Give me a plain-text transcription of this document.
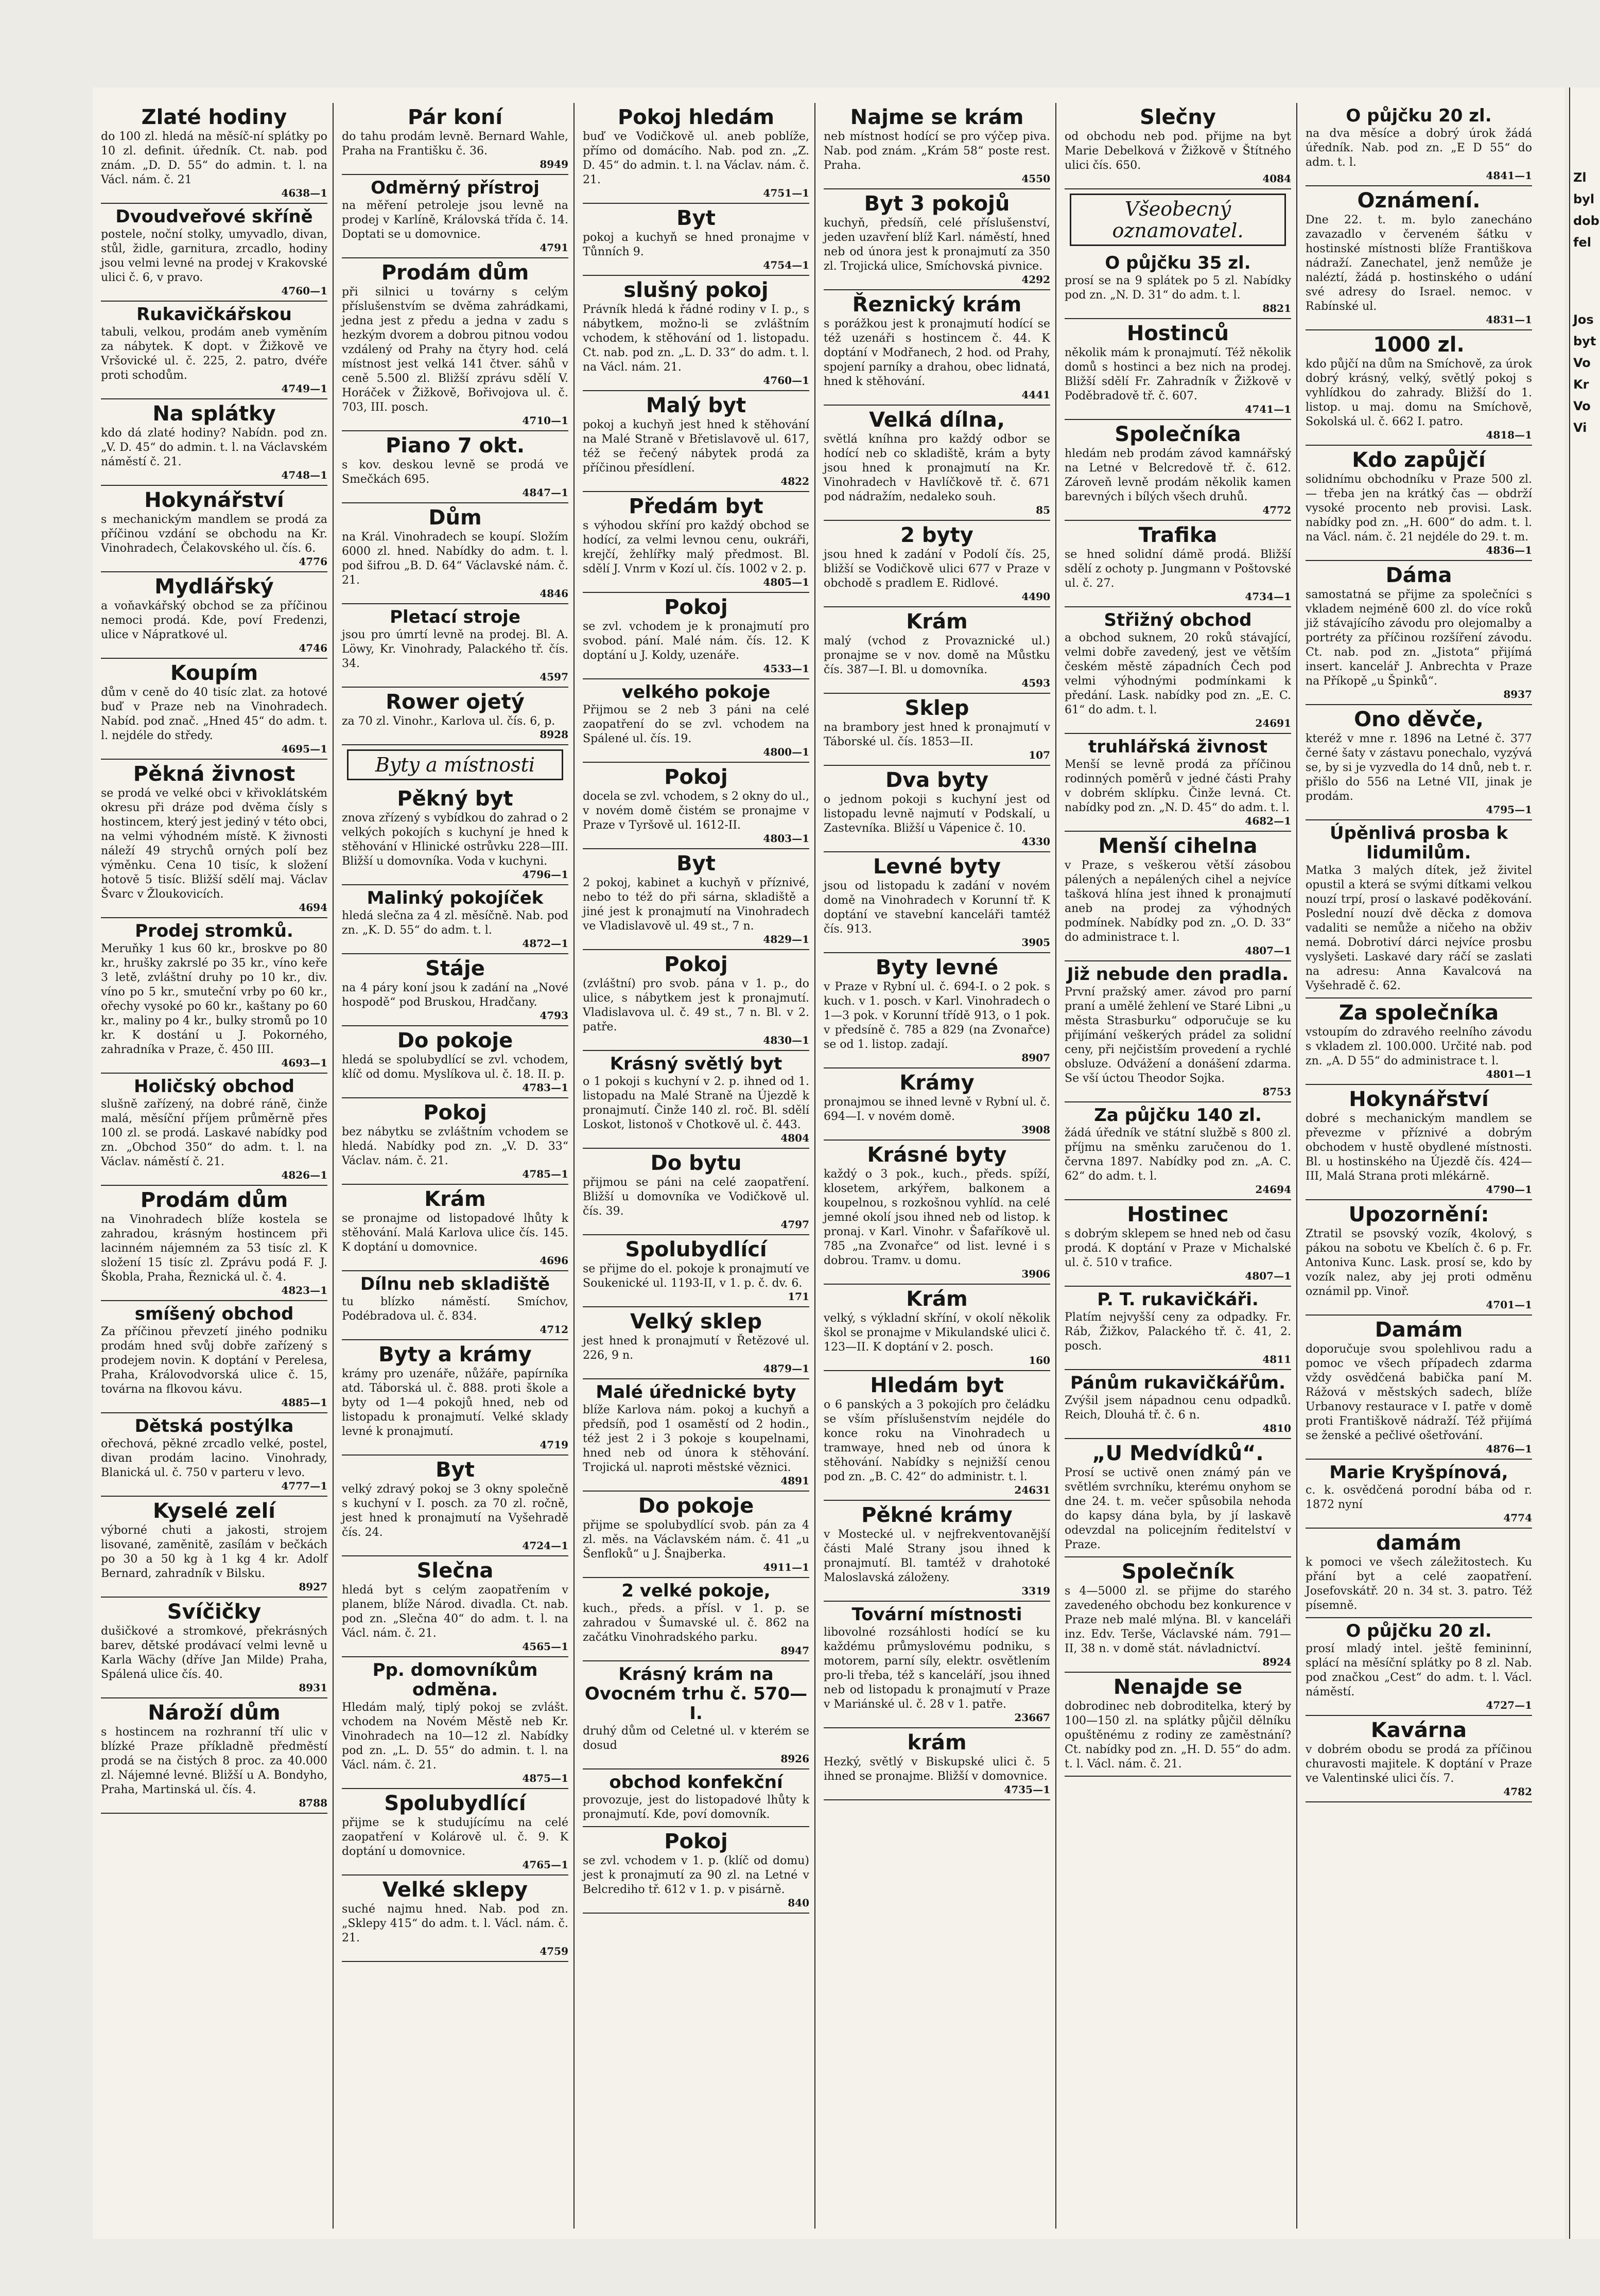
Zlaté hodiny
do 100 zl. hledá na měsíč-ní splátky po 10 zl. definit. úředník. Ct. nab. pod znám. „D. D. 55“ do admin. t. l. na Václ. nám. č. 21
4638—1
Dvoudveřové skříně
postele, noční stolky, umyvadlo, divan, stůl, židle, garnitura, zrcadlo, hodiny jsou velmi levné na prodej v Krakovské ulici č. 6, v pravo.
4760—1
Rukavičkářskou
tabuli, velkou, prodám aneb vyměním za nábytek. K dopt. v Žižkově ve Vršovické ul. č. 225, 2. patro, dvéře proti schodům.
4749—1
Na splátky
kdo dá zlaté hodiny? Nabídn. pod zn. „V. D. 45“ do admin. t. l. na Václavském náměstí č. 21.
4748—1
Hokynářství
s mechanickým mandlem se prodá za příčinou vzdání se obchodu na Kr. Vinohradech, Čelakovského ul. čís. 6.
4776
Mydlářský
a voňavkářský obchod se za příčinou nemoci prodá. Kde, poví Fredenzi, ulice v Nápratkové ul.
4746
Koupím
dům v ceně do 40 tisíc zlat. za hotové buď v Praze neb na Vinohradech. Nabíd. pod znač. „Hned 45“ do adm. t. l. nejdéle do středy.
4695—1
Pěkná živnost
se prodá ve velké obci v křivoklátském okresu při dráze pod dvěma čísly s hostincem, který jest jediný v této obci, na velmi výhodném místě. K živnosti náleží 49 strychů orných polí bez výměnku. Cena 10 tisíc, k složení hotově 5 tisíc. Bližší sdělí maj. Václav Švarc v Žloukovicích.
4694
Prodej stromků.
Meruňky 1 kus 60 kr., broskve po 80 kr., hrušky zakrslé po 35 kr., víno keře 3 letě, zvláštní druhy po 10 kr., div. víno po 5 kr., smuteční vrby po 60 kr., ořechy vysoké po 60 kr., kaštany po 60 kr., maliny po 4 kr., bulky stromů po 10 kr. K dostání u J. Pokorného, zahradníka v Praze, č. 450 III.
4693—1
Holičský obchod
slušně zařízený, na dobré ráně, činže malá, měsíční příjem průměrně přes 100 zl. se prodá. Laskavé nabídky pod zn. „Obchod 350“ do adm. t. l. na Václav. náměstí č. 21.
4826—1
Prodám dům
na Vinohradech blíže kostela se zahradou, krásným hostincem při lacinném nájemném za 53 tisíc zl. K složení 15 tisíc zl. Zprávu podá F. J. Škobla, Praha, Řeznická ul. č. 4.
4823—1
smíšený obchod
Za příčinou převzetí jiného podniku prodám hned svůj dobře zařízený s prodejem novin. K doptání v Perelesa, Praha, Královodvorská ulice č. 15, továrna na flkovou kávu.
4885—1
Dětská postýlka
ořechová, pěkné zrcadlo velké, postel, divan prodám lacino. Vinohrady, Blanická ul. č. 750 v parteru v levo.
4777—1
Kyselé zelí
výborné chuti a jakosti, strojem lisované, zaměnitě, zasílám v bečkách po 30 a 50 kg à 1 kg 4 kr. Adolf Bernard, zahradník v Bilsku.
8927
Svíčičky
dušičkové a stromkové, překrásných barev, dětské prodávací velmi levně u Karla Wächy (dříve Jan Milde) Praha, Spálená ulice čís. 40.
8931
Nároží dům
s hostincem na rozhranní tří ulic v blízké Praze příkladně předměstí prodá se na čistých 8 proc. za 40.000 zl. Nájemné levné. Bližší u A. Bondyho, Praha, Martinská ul. čís. 4.
8788
Pár koní
do tahu prodám levně. Bernard Wahle, Praha na Františku č. 36.
8949
Odměrný přístroj
na měření petroleje jsou levně na prodej v Karlíně, Královská třída č. 14. Doptati se u domovnice.
4791
Prodám dům
při silnici u továrny s celým příslušenstvím se dvěma zahrádkami, jedna jest z předu a jedna v zadu s hezkým dvorem a dobrou pitnou vodou vzdálený od Prahy na čtyry hod. celá místnost jest velká 141 čtver. sáhů v ceně 5.500 zl. Bližší zprávu sdělí V. Horáček v Žižkově, Bořivojova ul. č. 703, III. posch.
4710—1
Piano 7 okt.
s kov. deskou levně se prodá ve Smečkách 695.
4847—1
Dům
na Král. Vinohradech se koupí. Složím 6000 zl. hned. Nabídky do adm. t. l. pod šifrou „B. D. 64“ Václavské nám. č. 21.
4846
Pletací stroje
jsou pro úmrtí levně na prodej. Bl. A. Löwy, Kr. Vinohrady, Palackého tř. čís. 34.
4597
Rower ojetý
za 70 zl. Vinohr., Karlova ul. čís. 6, p.
8928
Byty a místnosti
Pěkný byt
znova zřízený s vybídkou do zahrad o 2 velkých pokojích s kuchyní je hned k stěhování v Hlinické ostrůvku 228—III. Bližší u domovníka. Voda v kuchyni.
4796—1
Malinký pokojíček
hledá slečna za 4 zl. měsíčně. Nab. pod zn. „K. D. 55“ do adm. t. l.
4872—1
Stáje
na 4 páry koní jsou k zadání na „Nové hospodě“ pod Bruskou, Hradčany.
4793
Do pokoje
hledá se spolubydlící se zvl. vchodem, klíč od domu. Myslíkova ul. č. 18. II. p.
4783—1
Pokoj
bez nábytku se zvláštním vchodem se hledá. Nabídky pod zn. „V. D. 33“ Václav. nám. č. 21.
4785—1
Krám
se pronajme od listopadové lhůty k stěhování. Malá Karlova ulice čís. 145. K doptání u domovnice.
4696
Dílnu neb skladiště
tu blízko náměstí. Smíchov, Podébradova ul. č. 834.
4712
Byty a krámy
krámy pro uzenáře, nůžáře, papírníka atd. Táborská ul. č. 888. proti škole a byty od 1—4 pokojů hned, neb od listopadu k pronajmutí. Velké sklady levné k pronajmutí.
4719
Byt
velký zdravý pokoj se 3 okny společně s kuchyní v I. posch. za 70 zl. ročně, jest hned k pronajmutí na Vyšehradě čís. 24.
4724—1
Slečna
hledá byt s celým zaopatřením v planem, blíže Národ. divadla. Ct. nab. pod zn. „Slečna 40“ do adm. t. l. na Václ. nám. č. 21.
4565—1
Pp. domovníkům odměna.
Hledám malý, tiplý pokoj se zvlášt. vchodem na Novém Městě neb Kr. Vinohradech na 10—12 zl. Nabídky pod zn. „L. D. 55“ do admin. t. l. na Václ. nám. č. 21.
4875—1
Spolubydlící
přijme se k studujícímu na celé zaopatření v Kolárově ul. č. 9. K doptání u domovnice.
4765—1
Velké sklepy
suché najmu hned. Nab. pod zn. „Sklepy 415“ do adm. t. l. Václ. nám. č. 21.
4759
Pokoj hledám
buď ve Vodičkově ul. aneb poblíže, přímo od domácího. Nab. pod zn. „Z. D. 45“ do admin. t. l. na Václav. nám. č. 21.
4751—1
Byt
pokoj a kuchyň se hned pronajme v Tůnních 9.
4754—1
slušný pokoj
Právník hledá k řádné rodiny v I. p., s nábytkem, možno-li se zvláštním vchodem, k stěhování od 1. listopadu. Ct. nab. pod zn. „L. D. 33“ do adm. t. l. na Václ. nám. 21.
4760—1
Malý byt
pokoj a kuchyň jest hned k stěhování na Malé Straně v Břetislavově ul. 617, též se řečený nábytek prodá za příčinou přesídlení.
4822
Předám byt
s výhodou skříní pro každý obchod se hodící, za velmi levnou cenu, oukráři, krejčí, žehlířky malý předmost. Bl. sdělí J. Vnrm v Kozí ul. čís. 1002 v 2. p.
4805—1
Pokoj
se zvl. vchodem je k pronajmutí pro svobod. pání. Malé nám. čís. 12. K doptání u J. Koldy, uzenáře.
4533—1
velkého pokoje
Přijmou se 2 neb 3 páni na celé zaopatření do se zvl. vchodem na Spálené ul. čís. 19.
4800—1
Pokoj
docela se zvl. vchodem, s 2 okny do ul., v novém domě čistém se pronajme v Praze v Tyršově ul. 1612-II.
4803—1
Byt
2 pokoj, kabinet a kuchyň v příznivé, nebo to též do při sárna, skladiště a jiné jest k pronajmutí na Vinohradech ve Vladislavově ul. 49 st., 7 n.
4829—1
Pokoj
(zvláštní) pro svob. pána v 1. p., do ulice, s nábytkem jest k pronajmutí. Vladislavova ul. č. 49 st., 7 n. Bl. v 2. patře.
4830—1
Krásný světlý byt
o 1 pokoji s kuchyní v 2. p. ihned od 1. listopadu na Malé Straně na Újezdě k pronajmutí. Činže 140 zl. roč. Bl. sdělí Loskot, listonoš v Chotkově ul. č. 443.
4804
Do bytu
přijmou se páni na celé zaopatření. Bližší u domovníka ve Vodičkově ul. čís. 39.
4797
Spolubydlící
se přijme do el. pokoje k pronajmutí ve Soukenické ul. 1193-II, v 1. p. č. dv. 6.
171
Velký sklep
jest hned k pronajmutí v Řetězové ul. 226, 9 n.
4879—1
Malé úřednické byty
blíže Karlova nám. pokoj a kuchyň a předsíň, pod 1 osaměstí od 2 hodin., též jest 2 i 3 pokoje s koupelnami, hned neb od února k stěhování. Trojická ul. naproti městské věznici.
4891
Do pokoje
přijme se spolubydlící svob. pán za 4 zl. měs. na Václavském nám. č. 41 „u Šenfloků“ u J. Šnajberka.
4911—1
2 velké pokoje,
kuch., předs. a přísl. v 1. p. se zahradou v Šumavské ul. č. 862 na začátku Vinohradského parku.
8947
Krásný krám na Ovocném trhu č. 570—I.
druhý dům od Celetné ul. v kterém se dosud
8926
obchod konfekční
provozuje, jest do listopadové lhůty k pronajmutí. Kde, poví domovník.
Pokoj
se zvl. vchodem v 1. p. (klíč od domu) jest k pronajmutí za 90 zl. na Letné v Belcrediho tř. 612 v 1. p. v pisárně.
840
Najme se krám
neb místnost hodící se pro výčep piva. Nab. pod znám. „Krám 58“ poste rest. Praha.
4550
Byt 3 pokojů
kuchyň, předsíň, celé příslušenství, jeden uzavření blíž Karl. náměstí, hned neb od února jest k pronajmutí za 350 zl. Trojická ulice, Smíchovská pivnice.
4292
Řeznický krám
s porážkou jest k pronajmutí hodící se též uzenáři s hostincem č. 44. K doptání v Modřanech, 2 hod. od Prahy, spojení parníky a drahou, obec lidnatá, hned k stěhování.
4441
Velká dílna,
světlá kníhna pro každý odbor se hodící neb co skladiště, krám a byty jsou hned k pronajmutí na Kr. Vinohradech v Havlíčkově tř. č. 671 pod nádražím, nedaleko souh.
85
2 byty
jsou hned k zadání v Podolí čís. 25, bližší se Vodičkově ulici 677 v Praze v obchodě s pradlem E. Ridlové.
4490
Krám
malý (vchod z Provaznické ul.) pronajme se v nov. domě na Můstku čís. 387—I. Bl. u domovníka.
4593
Sklep
na brambory jest hned k pronajmutí v Táborské ul. čís. 1853—II.
107
Dva byty
o jednom pokoji s kuchyní jest od listopadu levně najmutí v Podskalí, u Zastevníka. Bližší u Vápenice č. 10.
4330
Levné byty
jsou od listopadu k zadání v novém domě na Vinohradech v Korunní tř. K doptání ve stavební kanceláři tamtéž čís. 913.
3905
Byty levné
v Praze v Rybní ul. č. 694-I. o 2 pok. s kuch. v 1. posch. v Karl. Vinohradech o 1—3 pok. v Korunní třídě 913, o 1 pok. v předsíně č. 785 a 829 (na Zvonařce) se od 1. listop. zadají.
8907
Krámy
pronajmou se ihned levně v Rybní ul. č. 694—I. v novém domě.
3908
Krásné byty
každý o 3 pok., kuch., předs. spíží, klosetem, arkýřem, balkonem a koupelnou, s rozkošnou vyhlíd. na celé jemné okolí jsou ihned neb od listop. k pronaj. v Karl. Vinohr. v Šafaříkově ul. 785 „na Zvonařce“ od list. levné i s dobrou. Tramv. u domu.
3906
Krám
velký, s výkladní skříní, v okolí několik škol se pronajme v Mikulandské ulici č. 123—II. K doptání v 2. posch.
160
Hledám byt
o 6 panských a 3 pokojích pro čeládku se vším příslušenstvím nejdéle do konce roku na Vinohradech u tramwaye, hned neb od února k stěhování. Nabídky s nejnižší cenou pod zn. „B. C. 42“ do administr. t. l.
24631
Pěkné krámy
v Mostecké ul. v nejfrekventovanější části Malé Strany jsou ihned k pronajmutí. Bl. tamtéž v drahotoké Maloslavská záloženy.
3319
Tovární místnosti
libovolné rozsáhlosti hodící se ku každému průmyslovému podniku, s motorem, parní síly, elektr. osvětlením pro-li třeba, též s kanceláří, jsou ihned neb od listopadu k pronajmutí v Praze v Mariánské ul. č. 28 v 1. patře.
23667
krám
Hezký, světlý v Biskupské ulici č. 5 ihned se pronajme. Bližší v domovnice.
4735—1
Slečny
od obchodu neb pod. přijme na byt Marie Debelková v Žižkově v Štítného ulici čís. 650.
4084
Všeobecný oznamovatel.
O půjčku 35 zl.
prosí se na 9 splátek po 5 zl. Nabídky pod zn. „N. D. 31“ do adm. t. l.
8821
Hostinců
několik mám k pronajmutí. Též několik domů s hostinci a bez nich na prodej. Bližší sdělí Fr. Zahradník v Žižkově v Poděbradově tř. č. 607.
4741—1
Společníka
hledám neb prodám závod kamnářský na Letné v Belcredově tř. č. 612. Zároveň levně prodám několik kamen barevných i bílých všech druhů.
4772
Trafika
se hned solidní dámě prodá. Bližší sdělí z ochoty p. Jungmann v Poštovské ul. č. 27.
4734—1
Střižný obchod
a obchod suknem, 20 roků stávající, velmi dobře zavedený, jest ve větším českém městě západních Čech pod velmi výhodnými podmínkami k předání. Lask. nabídky pod zn. „E. C. 61“ do adm. t. l.
24691
truhlářská živnost
Menší se levně prodá za příčinou rodinných poměrů v jedné části Prahy v dobrém sklípku. Činže levná. Ct. nabídky pod zn. „N. D. 45“ do adm. t. l.
4682—1
Menší cihelna
v Praze, s veškerou větší zásobou pálených a nepálených cihel a nejvíce tašková hlína jest ihned k pronajmutí aneb na prodej za výhodných podmínek. Nabídky pod zn. „O. D. 33“ do administrace t. l.
4807—1
Již nebude den pradla.
První pražský amer. závod pro parní praní a umělé žehlení ve Staré Libni „u města Strasburku“ odporučuje se ku přijímání veškerých prádel za solidní ceny, při nejčistším provedení a rychlé obsluze. Odvážení a donášení zdarma. Se vší úctou Theodor Sojka.
8753
Za půjčku 140 zl.
žádá úředník ve státní službě s 800 zl. příjmu na směnku zaručenou do 1. června 1897. Nabídky pod zn. „A. C. 62“ do adm. t. l.
24694
Hostinec
s dobrým sklepem se hned neb od času prodá. K doptání v Praze v Michalské ul. č. 510 v trafice.
4807—1
P. T. rukavičkáři.
Platím nejvyšší ceny za odpadky. Fr. Ráb, Žižkov, Palackého tř. č. 41, 2. posch.
4811
Pánům rukavičkářům.
Zvýšil jsem nápadnou cenu odpadků. Reich, Dlouhá tř. č. 6 n.
4810
„U Medvídků“.
Prosí se uctivě onen známý pán ve světlém svrchníku, kterému onyhom se dne 24. t. m. večer spůsobila nehoda do kapsy dána byla, by jí laskavě odevzdal na policejním ředitelství v Praze.
Společník
s 4—5000 zl. se přijme do starého zavedeného obchodu bez konkurence v Praze neb malé mlýna. Bl. v kanceláři inz. Edv. Terše, Václavské nám. 791—II, 38 n. v domě stát. návladnictví.
8924
Nenajde se
dobrodinec neb dobroditelka, který by 100—150 zl. na splátky půjčil dělníku opuštěnému z rodiny ze zaměstnání? Ct. nabídky pod zn. „H. D. 55“ do adm. t. l. Václ. nám. č. 21.
O půjčku 20 zl.
na dva měsíce a dobrý úrok žádá úředník. Nab. pod zn. „E D 55“ do adm. t. l.
4841—1
Oznámení.
Dne 22. t. m. bylo zanecháno zavazadlo v červeném šátku v hostinské místnosti blíže Františkova nádraží. Zanechatel, jenž nemůže je naléztí, žádá p. hostinského o udání své adresy do Israel. nemoc. v Rabínské ul.
4831—1
1000 zl.
kdo půjčí na dům na Smíchově, za úrok dobrý krásný, velký, světlý pokoj s vyhlídkou do zahrady. Bližší do 1. listop. u maj. domu na Smíchově, Sokolská ul. č. 662 I. patro.
4818—1
Kdo zapůjčí
solidnímu obchodníku v Praze 500 zl. — třeba jen na krátký čas — obdrží vysoké procento neb provisi. Lask. nabídky pod zn. „H. 600“ do adm. t. l. na Václ. nám. č. 21 nejdéle do 29. t. m.
4836—1
Dáma
samostatná se přijme za společníci s vkladem nejméně 600 zl. do více roků již stávajícího závodu pro olejomalby a portréty za příčinou rozšíření závodu. Ct. nab. pod zn. „Jistota“ přijímá insert. kancelář J. Anbrechta v Praze na Příkopě „u Špinků“.
8937
Ono děvče,
kteréž v mne r. 1896 na Letné č. 377 černé šaty v zástavu ponechalo, vyzývá se, by si je vyzvedla do 14 dnů, neb t. r. přišlo do 556 na Letné VII, jinak je prodám.
4795—1
Úpěnlivá prosba k lidumilům.
Matka 3 malých dítek, jež živitel opustil a která se svými dítkami velkou nouzí trpí, prosí o laskavé poděkování. Poslední nouzí dvě děcka z domova vadaliti se nemůže a ničeho na obživ nemá. Dobrotiví dárci nejvíce prosbu vyslyšeti. Laskavé dary ráčí se zaslati na adresu: Anna Kavalcová na Vyšehradě č. 62.
Za společníka
vstoupím do zdravého reelního závodu s vkladem zl. 100.000. Určité nab. pod zn. „A. D 55“ do administrace t. l.
4801—1
Hokynářství
dobré s mechanickým mandlem se převezme v příznivé a dobrým obchodem v hustě obydlené místnosti. Bl. u hostinského na Újezdě čís. 424—III, Malá Strana proti mlékárně.
4790—1
Upozornění:
Ztratil se psovský vozík, 4kolový, s pákou na sobotu ve Kbelích č. 6 p. Fr. Antoniva Kunc. Lask. prosí se, kdo by vozík nalez, aby jej proti odměnu oznámil pp. Vinoř.
4701—1
Damám
doporučuje svou spolehlivou radu a pomoc ve všech případech zdarma vždy osvědčená babička paní M. Rážová v městských sadech, blíže Urbanovy restaurace v I. patře v domě proti Františkově nádraží. Též přijímá se ženské a pečlivé ošetřování.
4876—1
Marie Kryšpínová,
c. k. osvědčená porodní bába od r. 1872 nyní
4774
damám
k pomoci ve všech záležitostech. Ku přání byt a celé zaopatření. Josefovskátř. 20 n. 34 st. 3. patro. Též písemně.
O půjčku 20 zl.
prosí mladý intel. ještě femininní, splácí na měsíční splátky po 8 zl. Nab. pod značkou „Cest“ do adm. t. l. Václ. náměstí.
4727—1
Kavárna
v dobrém obodu se prodá za příčinou churavosti majitele. K doptání v Praze ve Valentinské ulici čís. 7.
4782
Zl
byl
dob
fel
Jos
byt
Vo
Kr
Vo
Vi
